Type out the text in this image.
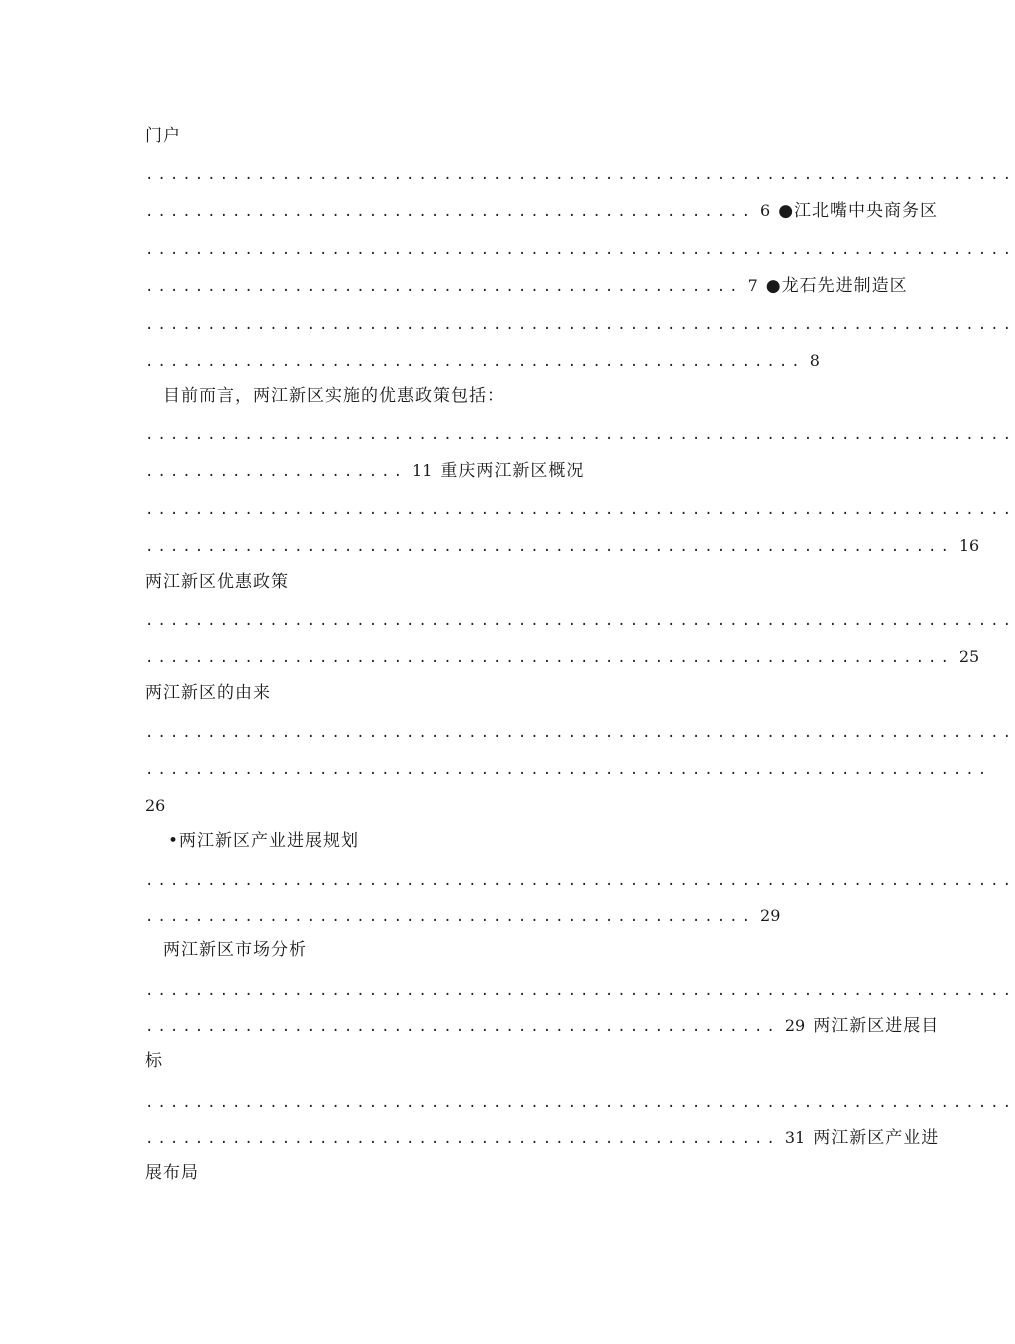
门户
......................................................................
................................................. 6 ●江北嘴中央商务区
......................................................................
................................................ 7 ●龙石先进制造区
......................................................................
..................................................... 8
目前而言，两江新区实施的优惠政策包括：
......................................................................
..................... 11 重庆两江新区概况
......................................................................
................................................................. 16
两江新区优惠政策
......................................................................
................................................................. 25
两江新区的由来
......................................................................
....................................................................
26
•两江新区产业进展规划
......................................................................
................................................. 29
两江新区市场分析
......................................................................
................................................... 29 两江新区进展目
标
......................................................................
................................................... 31 两江新区产业进
展布局
